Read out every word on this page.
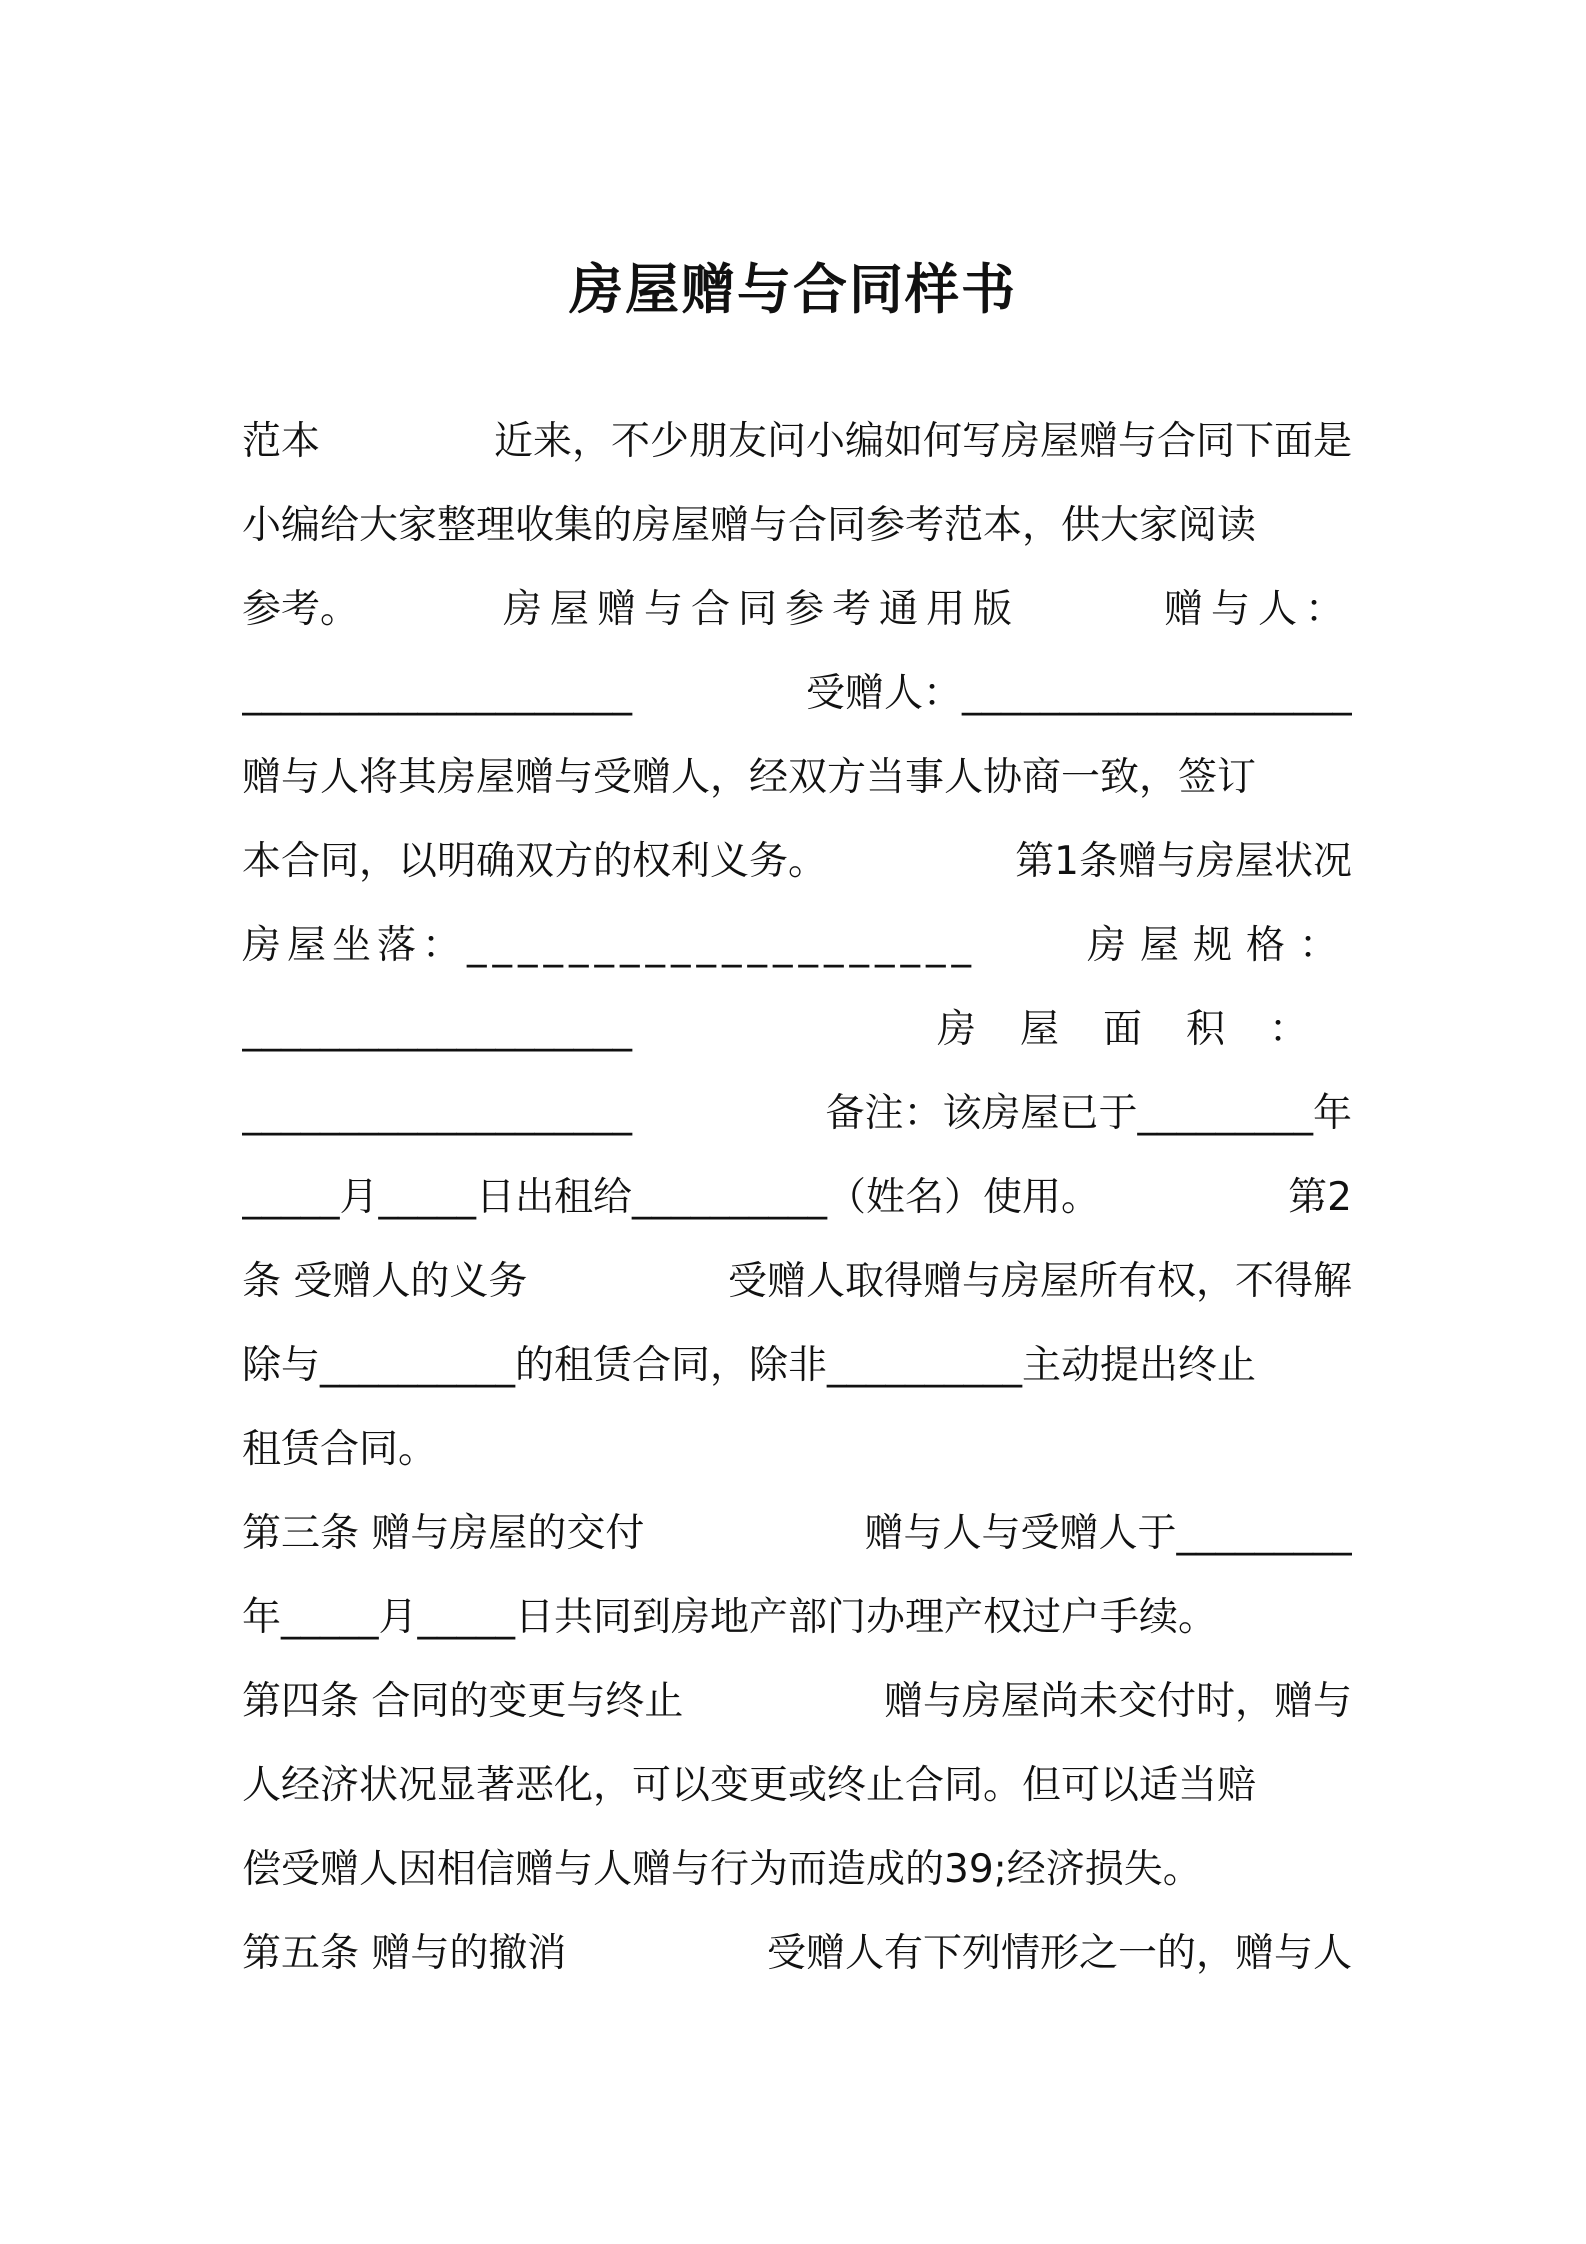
房屋赠与合同样书
范本	近来，不少朋友问小编如何写房屋赠与合同下面是
小编给大家整理收集的房屋赠与合同参考范本，供大家阅读
参考。	房屋赠与合同参考通用版	赠与人：
____________________	受赠人：____________________
赠与人将其房屋赠与受赠人，经双方当事人协商一致，签订
本合同，以明确双方的权利义务。	第1条赠与房屋状况
房屋坐落：____________________	房屋规格：
____________________	房屋面积：
____________________	备注：该房屋已于_________年
_____月_____日出租给__________（姓名）使用。	第2
条 受赠人的义务	受赠人取得赠与房屋所有权，不得解
除与__________的租赁合同，除非__________主动提出终止
租赁合同。
第三条 赠与房屋的交付	赠与人与受赠人于_________
年_____月_____日共同到房地产部门办理产权过户手续。
第四条 合同的变更与终止	赠与房屋尚未交付时，赠与
人经济状况显著恶化，可以变更或终止合同。但可以适当赔
偿受赠人因相信赠与人赠与行为而造成的39;经济损失。
第五条 赠与的撤消	受赠人有下列情形之一的，赠与人
